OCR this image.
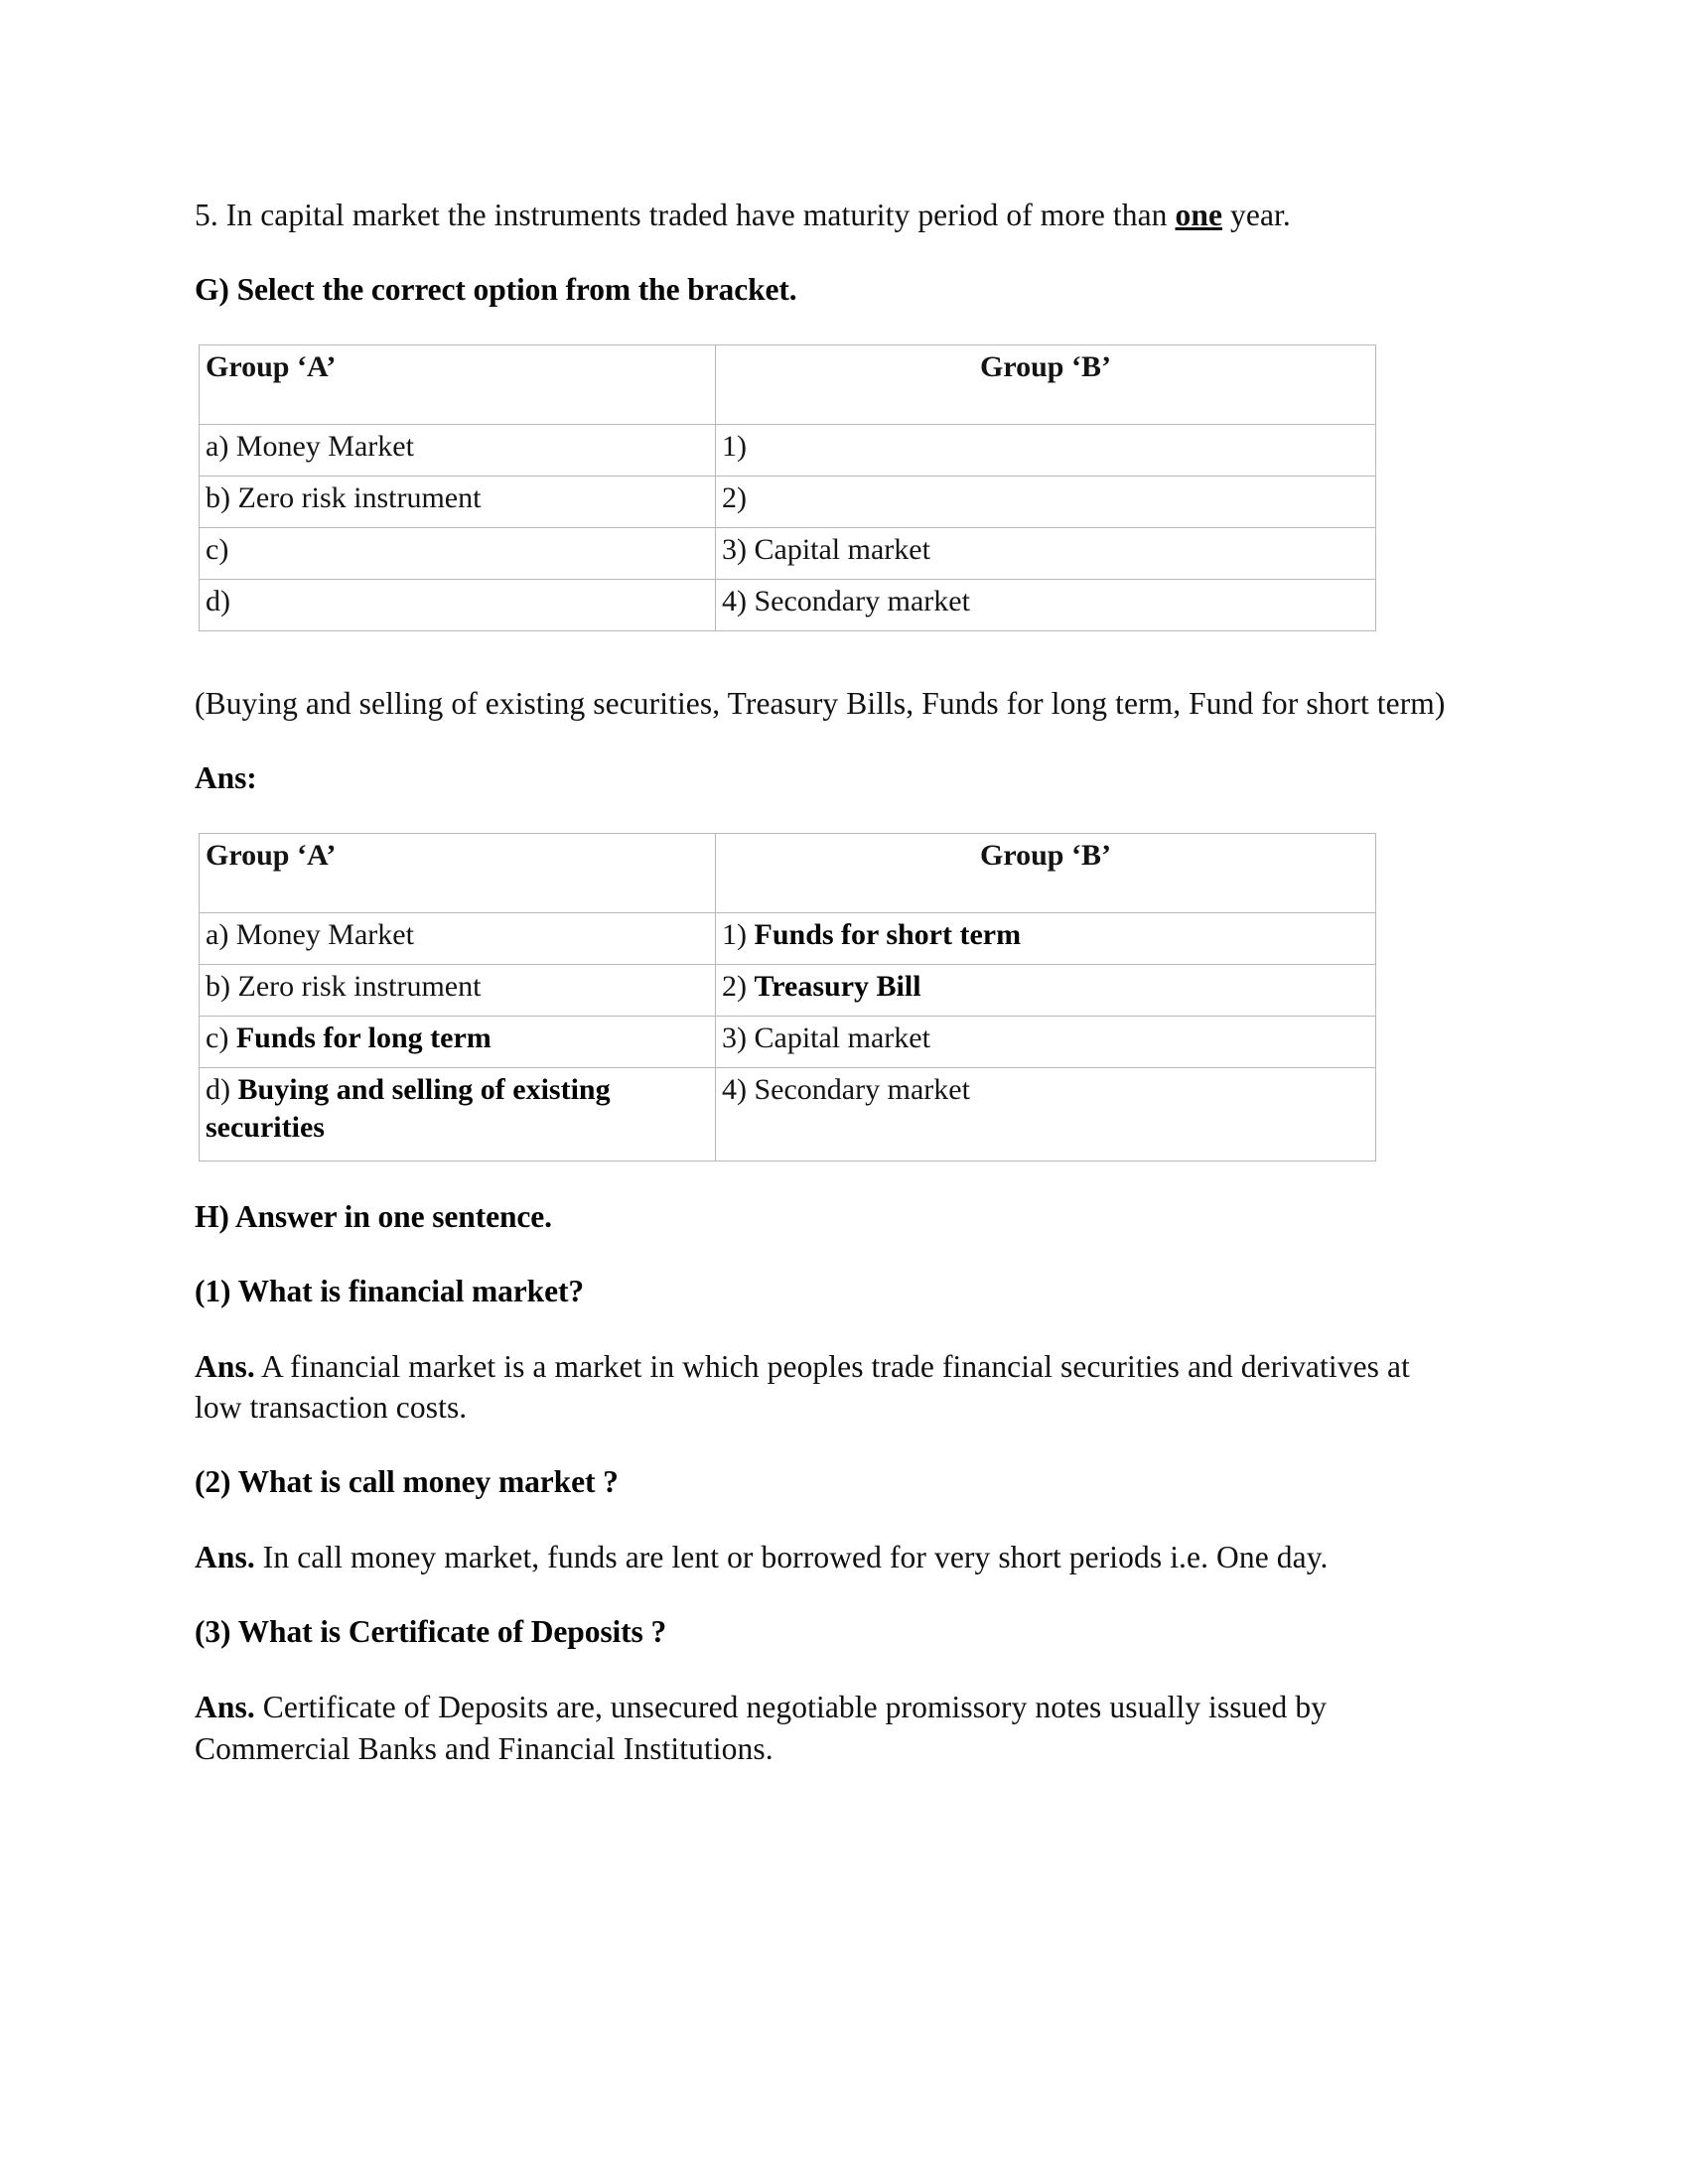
5. In capital market the instruments traded have maturity period of more than one year.

G) Select the correct option from the bracket.

Group ‘A’	Group ‘B’

a) Money Market	1)
b) Zero risk instrument	2)
c)	3) Capital market
d)	4) Secondary market

(Buying and selling of existing securities, Treasury Bills, Funds for long term, Fund for short term)

Ans:

Group ‘A’	Group ‘B’

a) Money Market	1) Funds for short term
b) Zero risk instrument	2) Treasury Bill
c) Funds for long term	3) Capital market
d) Buying and selling of existing securities	4) Secondary market

H) Answer in one sentence.

(1) What is financial market?

Ans. A financial market is a market in which peoples trade financial securities and derivatives at low transaction costs.

(2) What is call money market ?

Ans. In call money market, funds are lent or borrowed for very short periods i.e. One day.

(3) What is Certificate of Deposits ?

Ans. Certificate of Deposits are, unsecured negotiable promissory notes usually issued by Commercial Banks and Financial Institutions.
